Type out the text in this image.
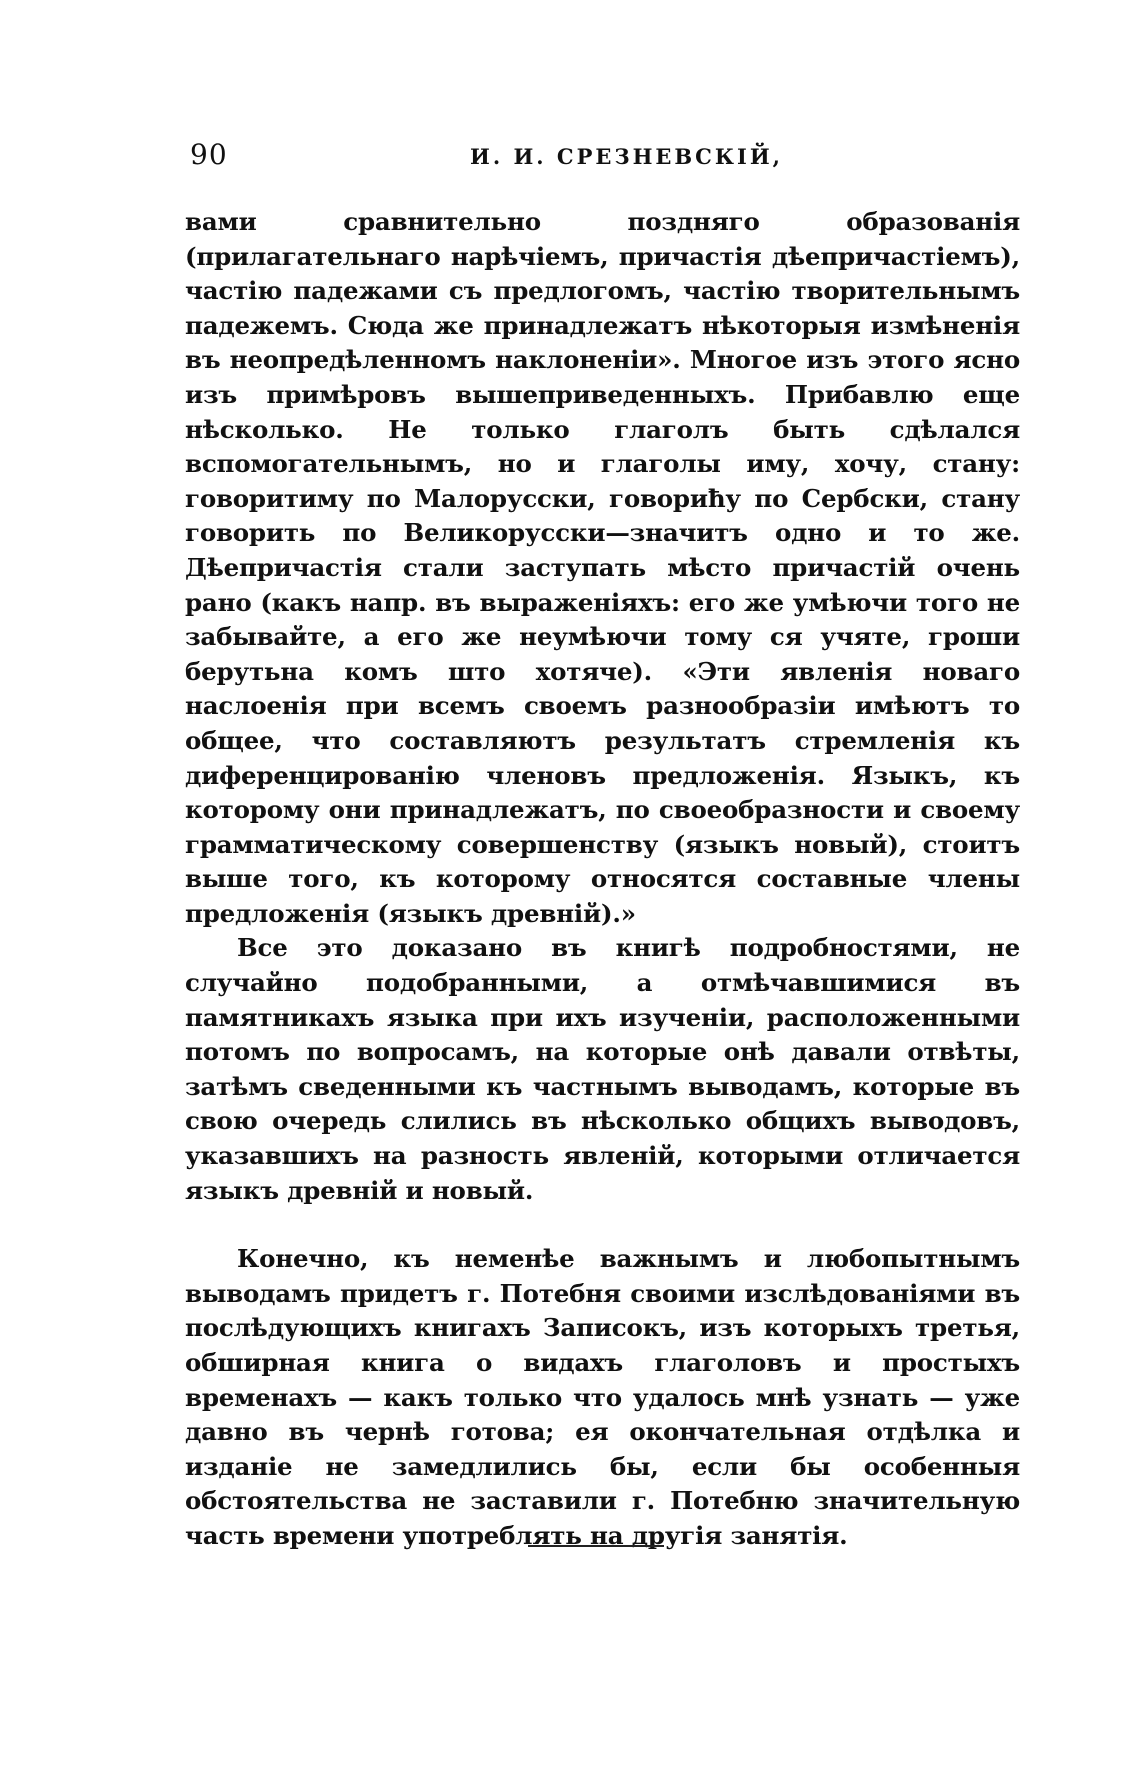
90	И. И. СРЕЗНЕВСКІЙ,

вами сравнительно поздняго образованія (прилагательнаго нарѣчіемъ, причастія дѣепричастіемъ), частію падежами съ предлогомъ, частію творительнымъ падежемъ. Сюда же принадлежатъ нѣкоторыя измѣненія въ неопредѣленномъ наклоненіи». Многое изъ этого ясно изъ примѣровъ вышеприведенныхъ. Прибавлю еще нѣсколько. Не только глаголъ быть сдѣлался вспомогательнымъ, но и глаголы иму, хочу, стану: говоритиму по Малорусски, говориħу по Сербски, стану говорить по Великорусски—значитъ одно и то же. Дѣепричастія стали заступать мѣсто причастій очень рано (какъ напр. въ выраженіяхъ: его же умѣючи того не забывайте, а его же неумѣючи тому ся учяте, гроши берутьна комъ што хотяче). «Эти явленія новаго наслоенія при всемъ своемъ разнообразіи имѣютъ то общее, что составляютъ результатъ стремленія къ диференцированію членовъ предложенія. Языкъ, къ которому они принадлежатъ, по своеобразности и своему грамматическому совершенству (языкъ новый), стоитъ выше того, къ которому относятся составные члены предложенія (языкъ древній).»

Все это доказано въ книгѣ подробностями, не случайно подобранными, а отмѣчавшимися въ памятникахъ языка при ихъ изученіи, расположенными потомъ по вопросамъ, на которые онѣ давали отвѣты, затѣмъ сведенными къ частнымъ выводамъ, которые въ свою очередь слились въ нѣсколько общихъ выводовъ, указавшихъ на разность явленій, которыми отличается языкъ древній и новый.

Конечно, къ неменѣе важнымъ и любопытнымъ выводамъ придетъ г. Потебня своими изслѣдованіями въ послѣдующихъ книгахъ Записокъ, изъ которыхъ третья, обширная книга о видахъ глаголовъ и простыхъ временахъ — какъ только что удалось мнѣ узнать — уже давно въ чернѣ готова; ея окончательная отдѣлка и изданіе не замедлились бы, если бы особенныя обстоятельства не заставили г. Потебню значительную часть времени употреблять на другія занятія.
